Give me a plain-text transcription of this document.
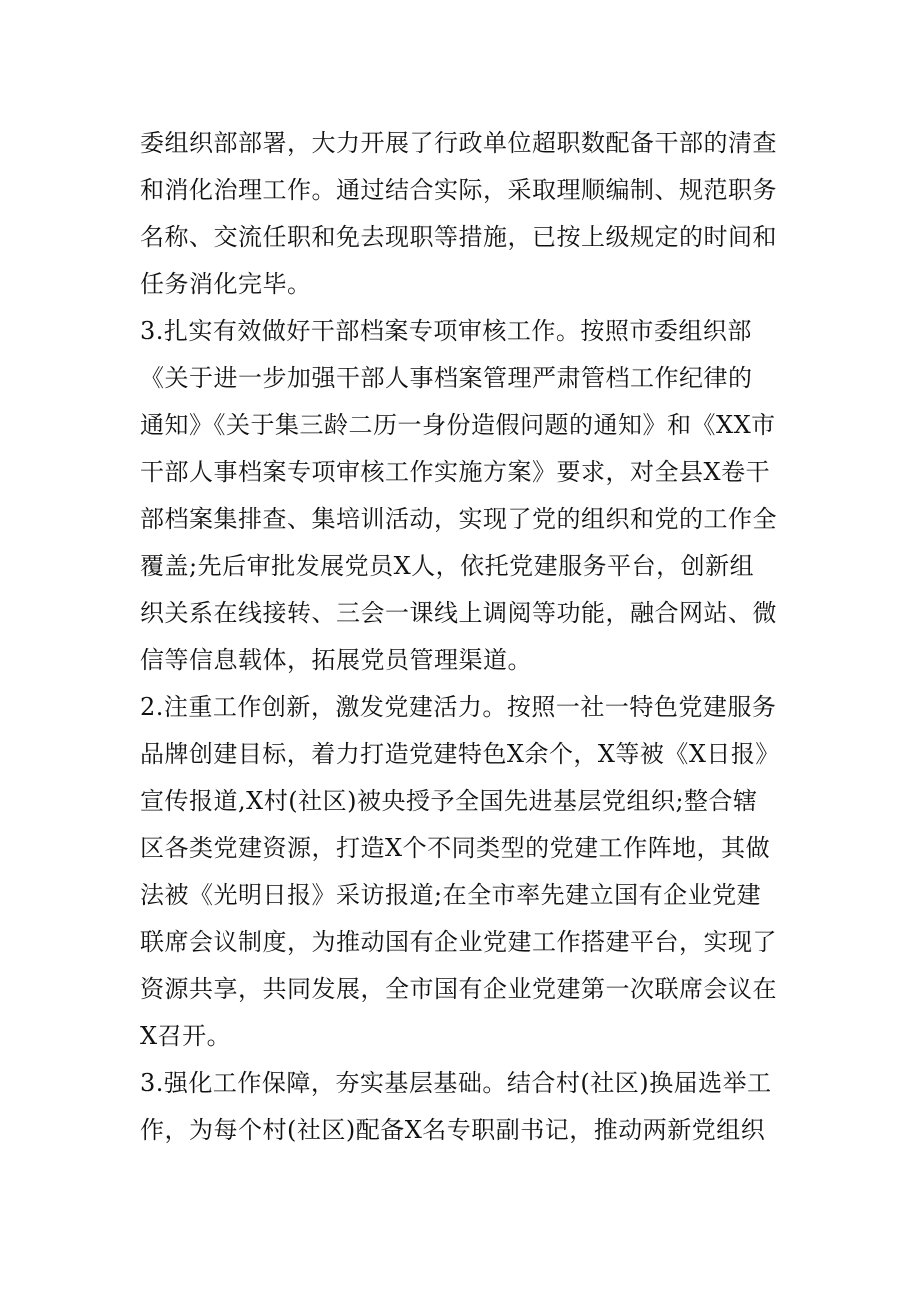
委组织部部署，大力开展了行政单位超职数配备干部的清查
和消化治理工作。通过结合实际，采取理顺编制、规范职务
名称、交流任职和免去现职等措施，已按上级规定的时间和
任务消化完毕。
3.扎实有效做好干部档案专项审核工作。按照市委组织部
《关于进一步加强干部人事档案管理严肃管档工作纪律的
通知》《关于集三龄二历一身份造假问题的通知》和《XX市
干部人事档案专项审核工作实施方案》要求，对全县X卷干
部档案集排查、集培训活动，实现了党的组织和党的工作全
覆盖;先后审批发展党员X人，依托党建服务平台，创新组
织关系在线接转、三会一课线上调阅等功能，融合网站、微
信等信息载体，拓展党员管理渠道。
2.注重工作创新，激发党建活力。按照一社一特色党建服务
品牌创建目标，着力打造党建特色X余个，X等被《X日报》
宣传报道,X村(社区)被央授予全国先进基层党组织;整合辖
区各类党建资源，打造X个不同类型的党建工作阵地，其做
法被《光明日报》采访报道;在全市率先建立国有企业党建
联席会议制度，为推动国有企业党建工作搭建平台，实现了
资源共享，共同发展，全市国有企业党建第一次联席会议在
X召开。
3.强化工作保障，夯实基层基础。结合村(社区)换届选举工
作，为每个村(社区)配备X名专职副书记，推动两新党组织
